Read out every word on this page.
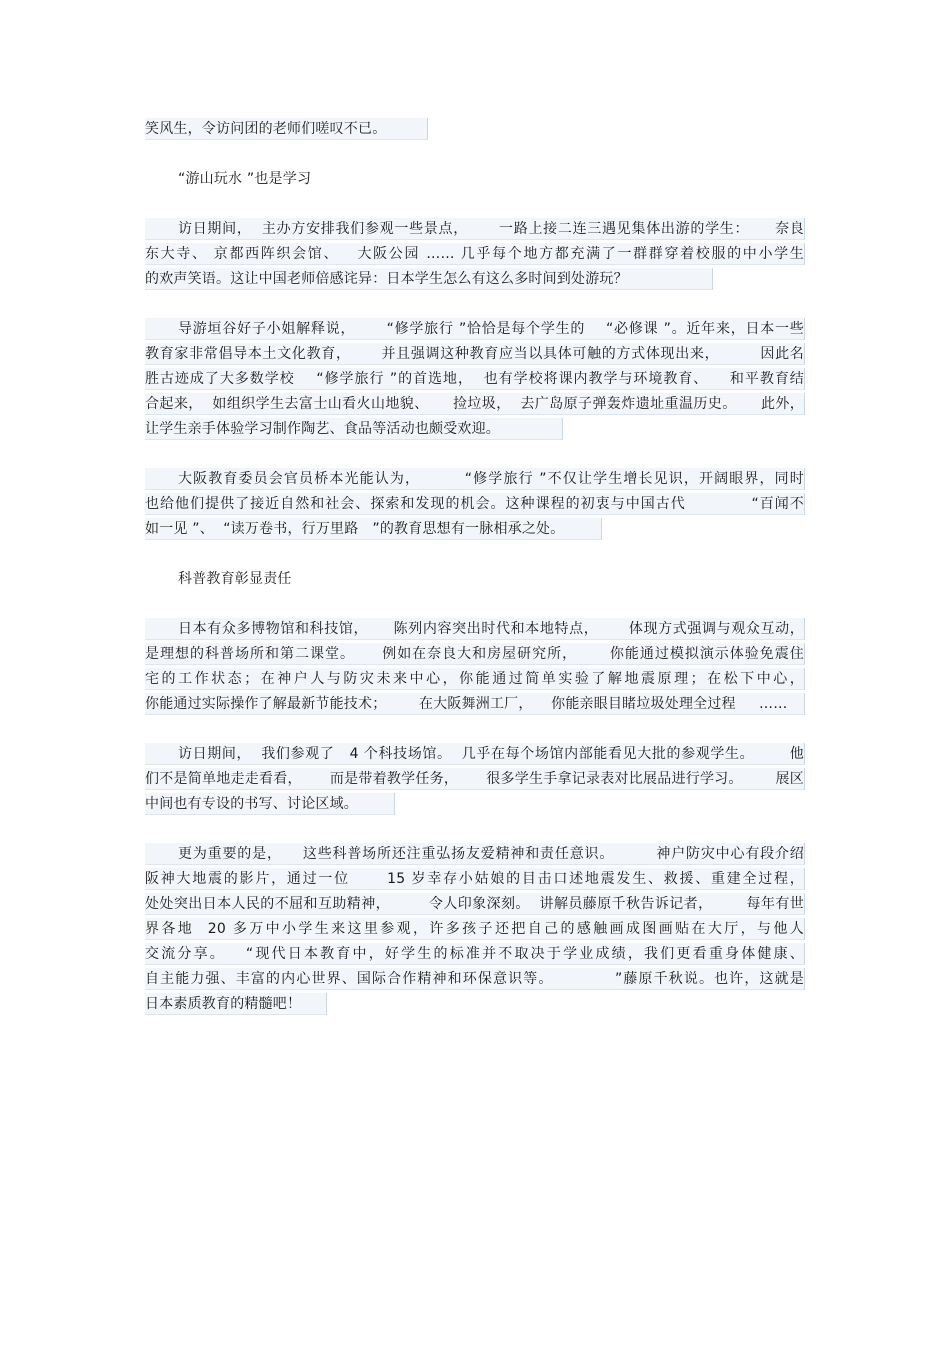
笑风生，令访问团的老师们嗟叹不已。
“游山玩水 ”也是学习
访日期间，  主办方安排我们参观一些景点，      一路上接二连三遇见集体出游的学生：     奈良
东大寺、 京都西阵织会馆、   大阪公园 …… 几乎每个地方都充满了一群群穿着校服的中小学生
的欢声笑语。这让中国老师倍感诧异：日本学生怎么有这么多时间到处游玩？
导游垣谷好子小姐解释说，      “修学旅行 ”恰恰是每个学生的    “必修课 ”。近年来，日本一些
教育家非常倡导本土文化教育，      并且强调这种教育应当以具体可触的方式体现出来，        因此名
胜古迹成了大多数学校    “修学旅行 ”的首选地，  也有学校将课内教学与环境教育、    和平教育结
合起来，  如组织学生去富士山看火山地貌、     捡垃圾，  去广岛原子弹轰炸遗址重温历史。     此外，
让学生亲手体验学习制作陶艺、食品等活动也颇受欢迎。
大阪教育委员会官员桥本光能认为，        “修学旅行 ”不仅让学生增长见识，开阔眼界，同时
也给他们提供了接近自然和社会、探索和发现的机会。这种课程的初衷与中国古代            “百闻不
如一见 ”、  “读万卷书，行万里路   ”的教育思想有一脉相承之处。
科普教育彰显责任
日本有众多博物馆和科技馆，     陈列内容突出时代和本地特点，      体现方式强调与观众互动，
是理想的科普场所和第二课堂。     例如在奈良大和房屋研究所，      你能通过模拟演示体验免震住
宅的工作状态；在神户人与防灾未来中心，你能通过简单实验了解地震原理；在松下中心，
你能通过实际操作了解最新节能技术；       在大阪舞洲工厂，    你能亲眼目睹垃圾处理全过程     ……
访日期间，  我们参观了   4 个科技场馆。  几乎在每个场馆内部能看见大批的参观学生。       他
们不是简单地走走看看，      而是带着教学任务，      很多学生手拿记录表对比展品进行学习。       展区
中间也有专设的书写、讨论区域。
更为重要的是，    这些科普场所还注重弘扬友爱精神和责任意识。        神户防灾中心有段介绍
阪神大地震的影片，通过一位      15 岁幸存小姑娘的目击口述地震发生、救援、重建全过程，
处处突出日本人民的不屈和互助精神，        令人印象深刻。  讲解员藤原千秋告诉记者，       每年有世
界各地  20 多万中小学生来这里参观，许多孩子还把自己的感触画成图画贴在大厅，与他人
交流分享。   “现代日本教育中，好学生的标准并不取决于学业成绩，我们更看重身体健康、
自主能力强、丰富的内心世界、国际合作精神和环保意识等。           ”藤原千秋说。也许，这就是
日本素质教育的精髓吧！
